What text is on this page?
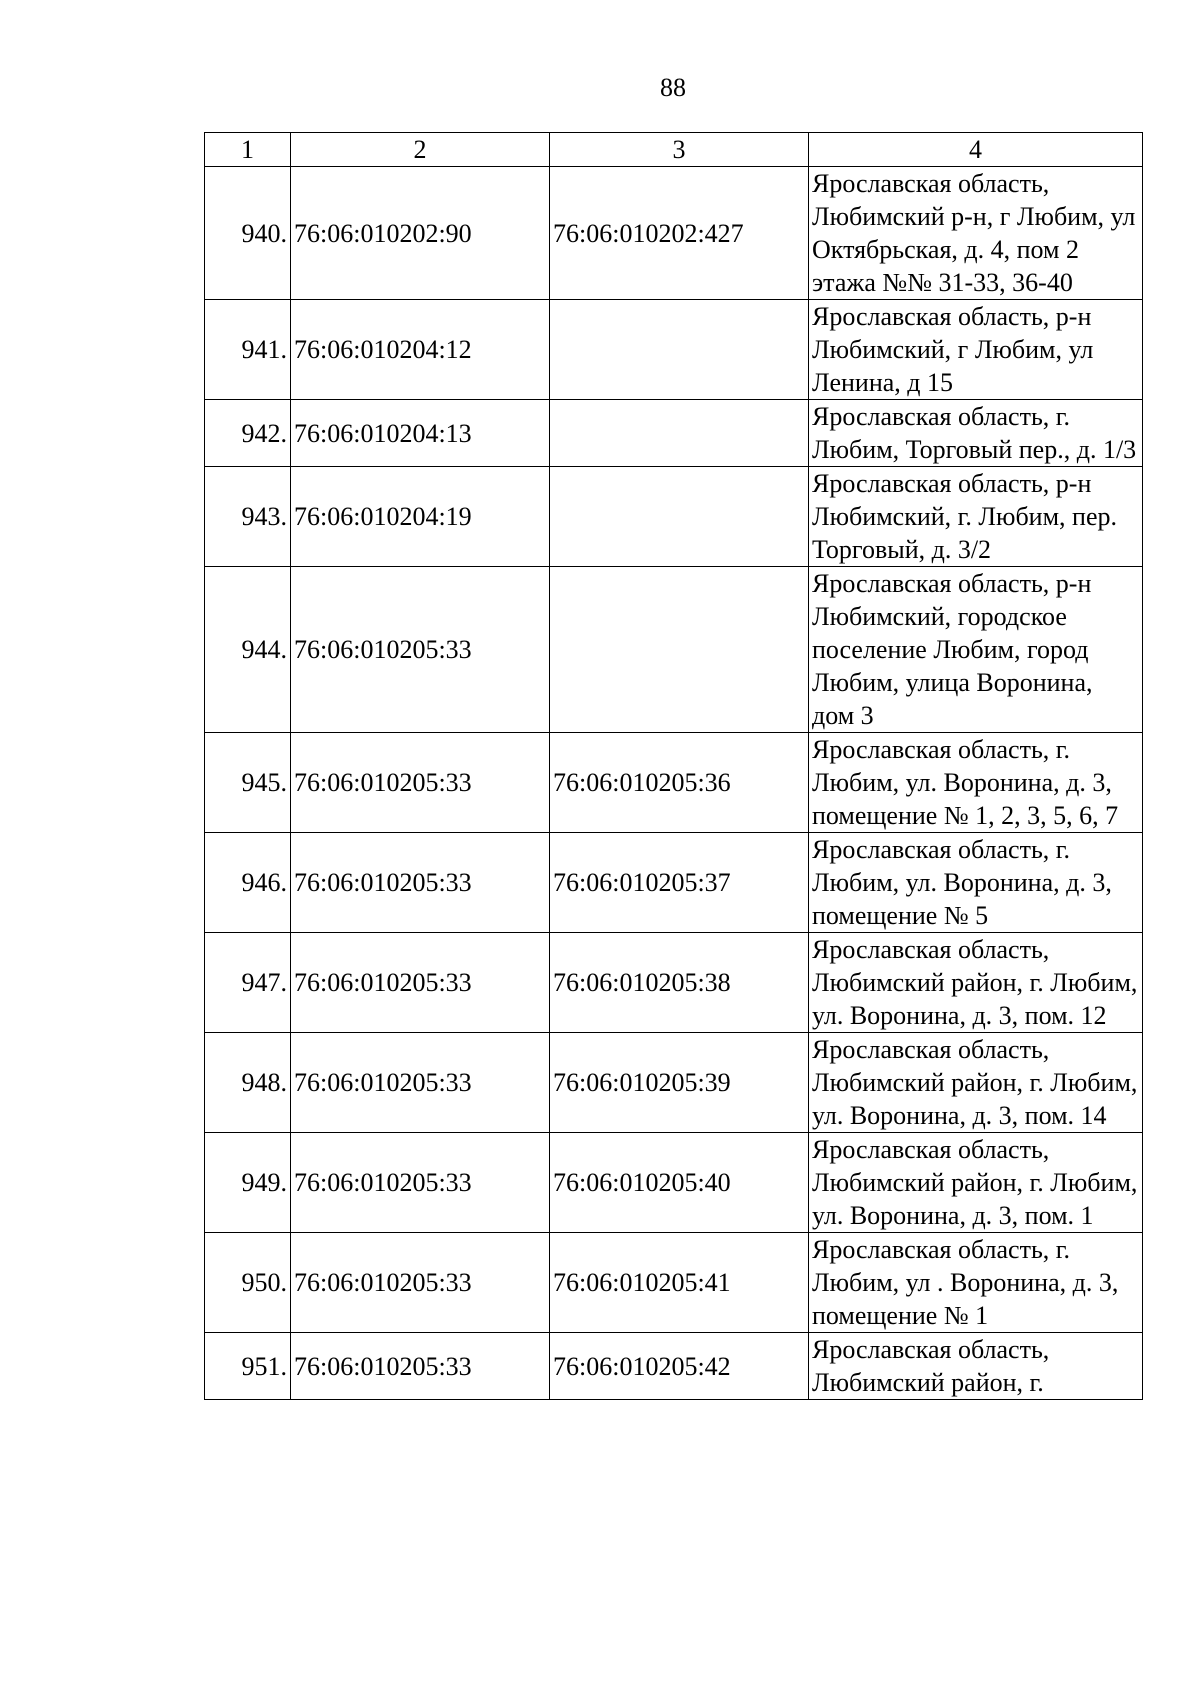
88
1	2	3	4
940.	76:06:010202:90	76:06:010202:427	Ярославская область, Любимский р-н, г Любим, ул Октябрьская, д. 4, пом 2 этажа №№ 31-33, 36-40
941.	76:06:010204:12		Ярославская область, р-н Любимский, г Любим, ул Ленина, д 15
942.	76:06:010204:13		Ярославская область, г. Любим, Торговый пер., д. 1/3
943.	76:06:010204:19		Ярославская область, р-н Любимский, г. Любим, пер. Торговый, д. 3/2
944.	76:06:010205:33		Ярославская область, р-н Любимский, городское поселение Любим, город Любим, улица Воронина, дом 3
945.	76:06:010205:33	76:06:010205:36	Ярославская область, г. Любим, ул. Воронина, д. 3, помещение № 1, 2, 3, 5, 6, 7
946.	76:06:010205:33	76:06:010205:37	Ярославская область, г. Любим, ул. Воронина, д. 3, помещение № 5
947.	76:06:010205:33	76:06:010205:38	Ярославская область, Любимский район, г. Любим, ул. Воронина, д. 3, пом. 12
948.	76:06:010205:33	76:06:010205:39	Ярославская область, Любимский район, г. Любим, ул. Воронина, д. 3, пом. 14
949.	76:06:010205:33	76:06:010205:40	Ярославская область, Любимский район, г. Любим, ул. Воронина, д. 3, пом. 1
950.	76:06:010205:33	76:06:010205:41	Ярославская область, г. Любим, ул . Воронина, д. 3, помещение № 1
951.	76:06:010205:33	76:06:010205:42	Ярославская область, Любимский район, г.
